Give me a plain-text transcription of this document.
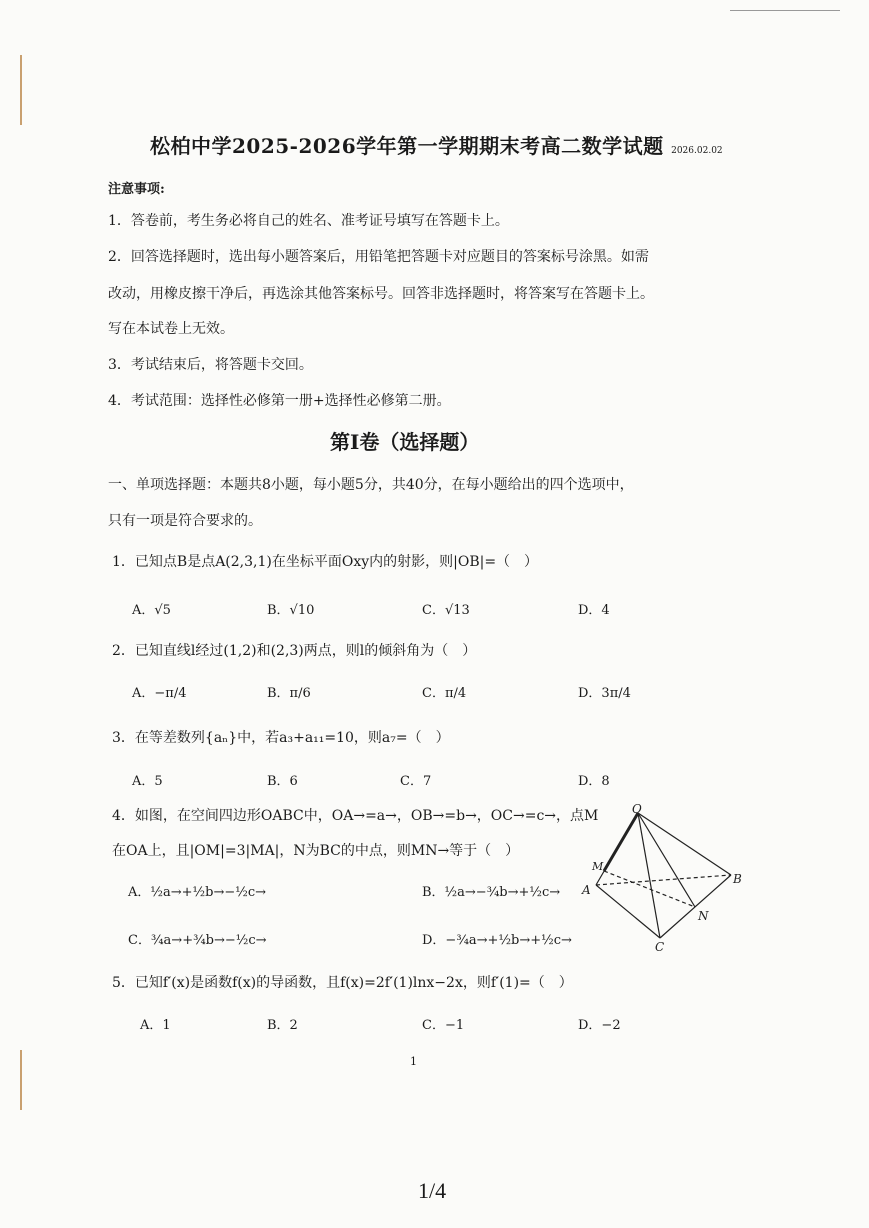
松柏中学2025-2026学年第一学期期末考高二数学试题 2026.02.02
注意事项:
1．答卷前，考生务必将自己的姓名、准考证号填写在答题卡上。
2．回答选择题时，选出每小题答案后，用铅笔把答题卡对应题目的答案标号涂黑。如需
改动，用橡皮擦干净后，再选涂其他答案标号。回答非选择题时，将答案写在答题卡上。
写在本试卷上无效。
3．考试结束后，将答题卡交回。
4．考试范围：选择性必修第一册+选择性必修第二册。
第Ⅰ卷（选择题）
一、单项选择题：本题共8小题，每小题5分，共40分，在每小题给出的四个选项中，
只有一项是符合要求的。
1．已知点B是点A(2,3,1)在坐标平面Oxy内的射影，则|OB|=（　）
A．√5	B．√10	C．√13	D．4
2．已知直线l经过(1,2)和(2,3)两点，则l的倾斜角为（　）
A．−π/4	B．π/6	C．π/4	D．3π/4
3．在等差数列{aₙ}中，若a₃+a₁₁=10，则a₇=（　）
A．5	B．6	C．7	D．8
4．如图，在空间四边形OABC中，OA→=a→，OB→=b→，OC→=c→，点M
在OA上，且|OM|=3|MA|，N为BC的中点，则MN→等于（　）
A．½a→+½b→−½c→	B．½a→−¾b→+½c→
C．¾a→+¾b→−½c→	D．−¾a→+½b→+½c→
O
M
A
B
N
C
5．已知f′(x)是函数f(x)的导函数，且f(x)=2f′(1)lnx−2x，则f′(1)=（　）
A．1	B．2	C．−1	D．−2
1
1/4
